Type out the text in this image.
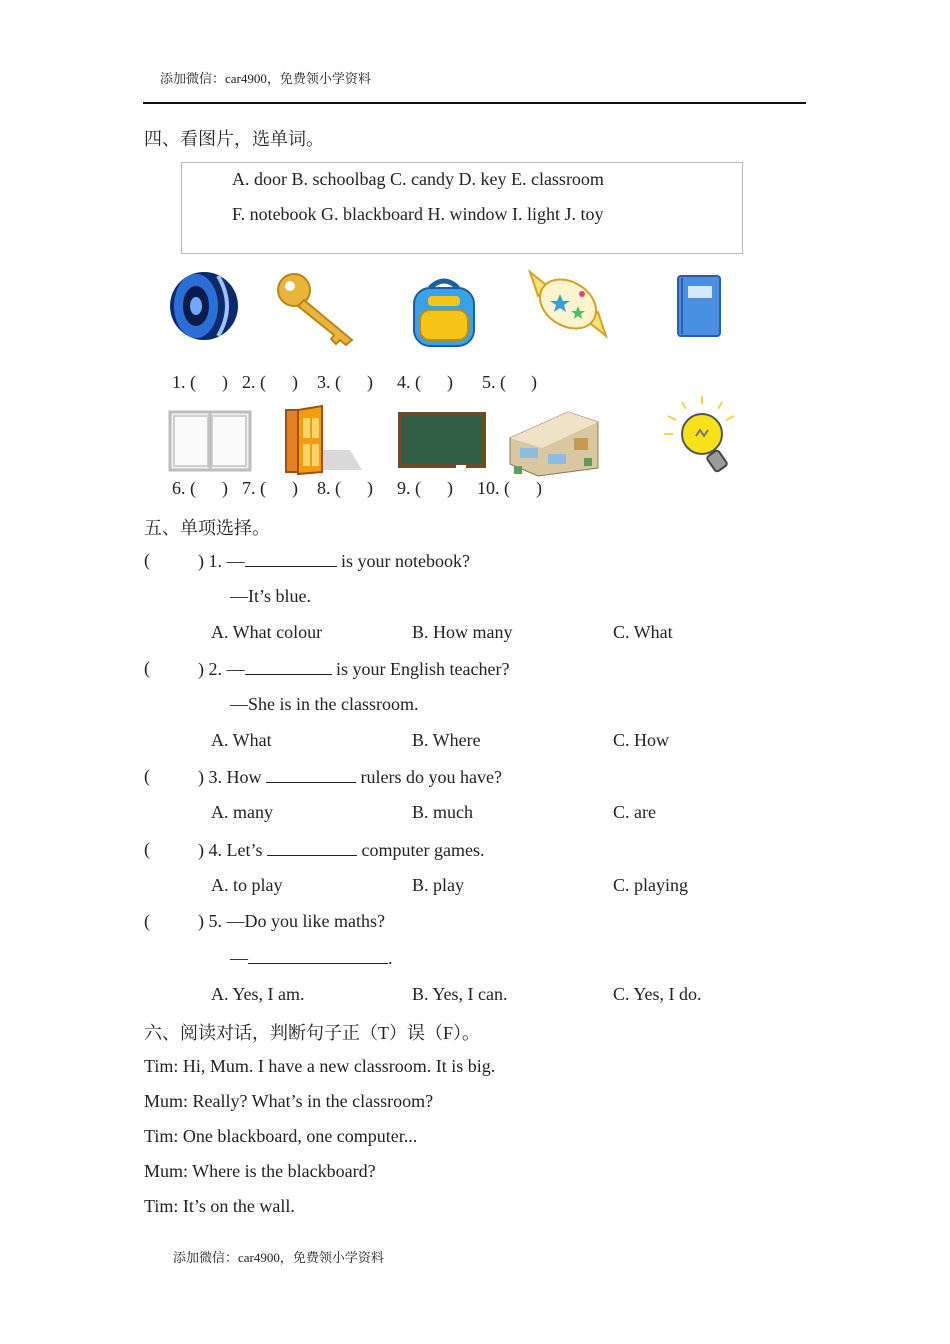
添加微信：car4900，免费领小学资料
四、看图片，选单词。
A. door B. schoolbag C. candy D. key E. classroom
F. notebook G. blackboard H. window I. light J. toy
1. ( ) 2. ( ) 3. ( ) 4. ( ) 5. ( )
6. ( ) 7. ( ) 8. ( ) 9. ( ) 10. ( )
五、单项选择。
(	) 1. —	is your notebook?
—It’s blue.
A. What colour	B. How many	C. What
(	) 2. —	is your English teacher?
—She is in the classroom.
A. What	B. Where	C. How
(	) 3. How	rulers do you have?
A. many	B. much	C. are
(	) 4. Let’s	computer games.
A. to play	B. play	C. playing
(	) 5. —Do you like maths?
—	.
A. Yes, I am.	B. Yes, I can.	C. Yes, I do.
六、阅读对话，判断句子正（T）误（F）。
Tim: Hi, Mum. I have a new classroom. It is big.
Mum: Really? What’s in the classroom?
Tim: One blackboard, one computer...
Mum: Where is the blackboard?
Tim: It’s on the wall.
添加微信：car4900，免费领小学资料
